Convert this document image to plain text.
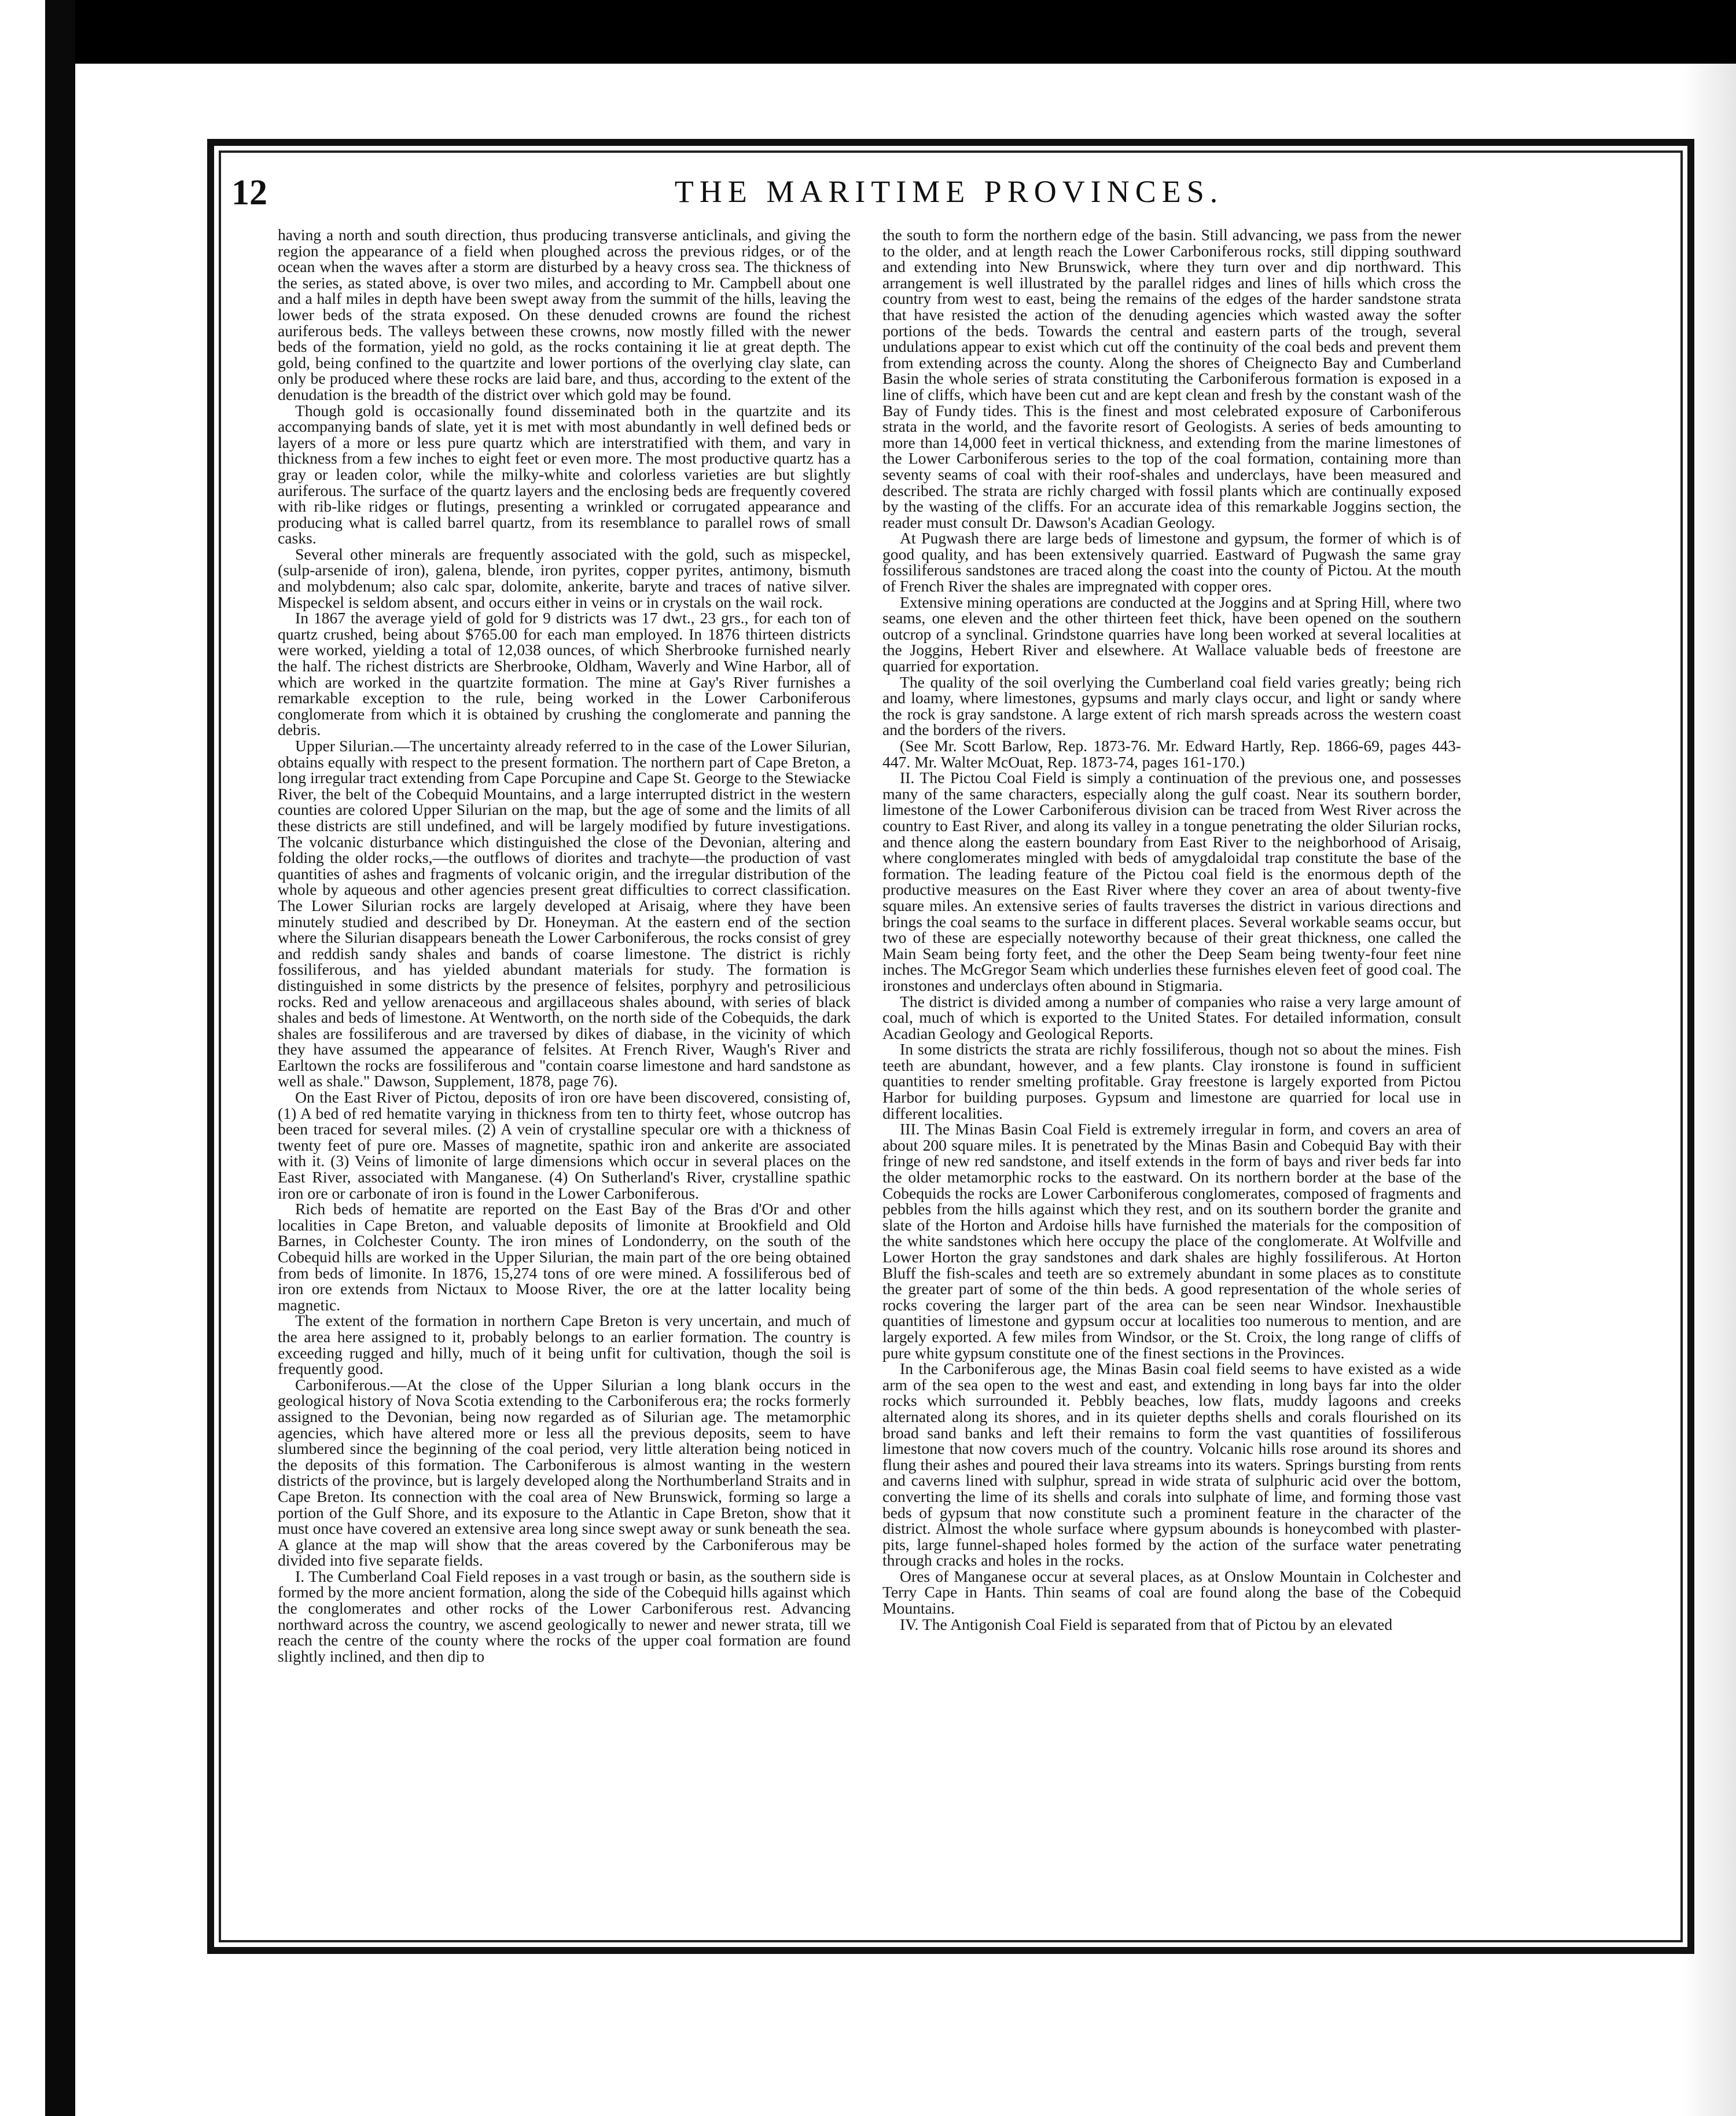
12	THE MARITIME PROVINCES.

having a north and south direction, thus producing transverse anticlinals, and giving the region the appearance of a field when ploughed across the previous ridges, or of the ocean when the waves after a storm are disturbed by a heavy cross sea. The thickness of the series, as stated above, is over two miles, and according to Mr. Campbell about one and a half miles in depth have been swept away from the summit of the hills, leaving the lower beds of the strata exposed. On these denuded crowns are found the richest auriferous beds. The valleys between these crowns, now mostly filled with the newer beds of the formation, yield no gold, as the rocks containing it lie at great depth. The gold, being confined to the quartzite and lower portions of the overlying clay slate, can only be produced where these rocks are laid bare, and thus, according to the extent of the denudation is the breadth of the district over which gold may be found.

Though gold is occasionally found disseminated both in the quartzite and its accompanying bands of slate, yet it is met with most abundantly in well defined beds or layers of a more or less pure quartz which are interstratified with them, and vary in thickness from a few inches to eight feet or even more. The most productive quartz has a gray or leaden color, while the milky-white and colorless varieties are but slightly auriferous. The surface of the quartz layers and the enclosing beds are frequently covered with rib-like ridges or flutings, presenting a wrinkled or corrugated appearance and producing what is called barrel quartz, from its resemblance to parallel rows of small casks.

Several other minerals are frequently associated with the gold, such as mispeckel, (sulp-arsenide of iron), galena, blende, iron pyrites, copper pyrites, antimony, bismuth and molybdenum; also calc spar, dolomite, ankerite, baryte and traces of native silver. Mispeckel is seldom absent, and occurs either in veins or in crystals on the wail rock.

In 1867 the average yield of gold for 9 districts was 17 dwt., 23 grs., for each ton of quartz crushed, being about $765.00 for each man employed. In 1876 thirteen districts were worked, yielding a total of 12,038 ounces, of which Sherbrooke furnished nearly the half. The richest districts are Sherbrooke, Oldham, Waverly and Wine Harbor, all of which are worked in the quartzite formation. The mine at Gay's River furnishes a remarkable exception to the rule, being worked in the Lower Carboniferous conglomerate from which it is obtained by crushing the conglomerate and panning the debris.

Upper Silurian.—The uncertainty already referred to in the case of the Lower Silurian, obtains equally with respect to the present formation. The northern part of Cape Breton, a long irregular tract extending from Cape Porcupine and Cape St. George to the Stewiacke River, the belt of the Cobequid Mountains, and a large interrupted district in the western counties are colored Upper Silurian on the map, but the age of some and the limits of all these districts are still undefined, and will be largely modified by future investigations. The volcanic disturbance which distinguished the close of the Devonian, altering and folding the older rocks,—the outflows of diorites and trachyte—the production of vast quantities of ashes and fragments of volcanic origin, and the irregular distribution of the whole by aqueous and other agencies present great difficulties to correct classification. The Lower Silurian rocks are largely developed at Arisaig, where they have been minutely studied and described by Dr. Honeyman. At the eastern end of the section where the Silurian disappears beneath the Lower Carboniferous, the rocks consist of grey and reddish sandy shales and bands of coarse limestone. The district is richly fossiliferous, and has yielded abundant materials for study. The formation is distinguished in some districts by the presence of felsites, porphyry and petrosilicious rocks. Red and yellow arenaceous and argillaceous shales abound, with series of black shales and beds of limestone. At Wentworth, on the north side of the Cobequids, the dark shales are fossiliferous and are traversed by dikes of diabase, in the vicinity of which they have assumed the appearance of felsites. At French River, Waugh's River and Earltown the rocks are fossiliferous and "contain coarse limestone and hard sandstone as well as shale." Dawson, Supplement, 1878, page 76).

On the East River of Pictou, deposits of iron ore have been discovered, consisting of, (1) A bed of red hematite varying in thickness from ten to thirty feet, whose outcrop has been traced for several miles. (2) A vein of crystalline specular ore with a thickness of twenty feet of pure ore. Masses of magnetite, spathic iron and ankerite are associated with it. (3) Veins of limonite of large dimensions which occur in several places on the East River, associated with Manganese. (4) On Sutherland's River, crystalline spathic iron ore or carbonate of iron is found in the Lower Carboniferous.

Rich beds of hematite are reported on the East Bay of the Bras d'Or and other localities in Cape Breton, and valuable deposits of limonite at Brookfield and Old Barnes, in Colchester County. The iron mines of Londonderry, on the south of the Cobequid hills are worked in the Upper Silurian, the main part of the ore being obtained from beds of limonite. In 1876, 15,274 tons of ore were mined. A fossiliferous bed of iron ore extends from Nictaux to Moose River, the ore at the latter locality being magnetic.

The extent of the formation in northern Cape Breton is very uncertain, and much of the area here assigned to it, probably belongs to an earlier formation. The country is exceeding rugged and hilly, much of it being unfit for cultivation, though the soil is frequently good.

Carboniferous.—At the close of the Upper Silurian a long blank occurs in the geological history of Nova Scotia extending to the Carboniferous era; the rocks formerly assigned to the Devonian, being now regarded as of Silurian age. The metamorphic agencies, which have altered more or less all the previous deposits, seem to have slumbered since the beginning of the coal period, very little alteration being noticed in the deposits of this formation. The Carboniferous is almost wanting in the western districts of the province, but is largely developed along the Northumberland Straits and in Cape Breton. Its connection with the coal area of New Brunswick, forming so large a portion of the Gulf Shore, and its exposure to the Atlantic in Cape Breton, show that it must once have covered an extensive area long since swept away or sunk beneath the sea. A glance at the map will show that the areas covered by the Carboniferous may be divided into five separate fields.

I. The Cumberland Coal Field reposes in a vast trough or basin, as the southern side is formed by the more ancient formation, along the side of the Cobequid hills against which the conglomerates and other rocks of the Lower Carboniferous rest. Advancing northward across the country, we ascend geologically to newer and newer strata, till we reach the centre of the county where the rocks of the upper coal formation are found slightly inclined, and then dip to

the south to form the northern edge of the basin. Still advancing, we pass from the newer to the older, and at length reach the Lower Carboniferous rocks, still dipping southward and extending into New Brunswick, where they turn over and dip northward. This arrangement is well illustrated by the parallel ridges and lines of hills which cross the country from west to east, being the remains of the edges of the harder sandstone strata that have resisted the action of the denuding agencies which wasted away the softer portions of the beds. Towards the central and eastern parts of the trough, several undulations appear to exist which cut off the continuity of the coal beds and prevent them from extending across the county. Along the shores of Cheignecto Bay and Cumberland Basin the whole series of strata constituting the Carboniferous formation is exposed in a line of cliffs, which have been cut and are kept clean and fresh by the constant wash of the Bay of Fundy tides. This is the finest and most celebrated exposure of Carboniferous strata in the world, and the favorite resort of Geologists. A series of beds amounting to more than 14,000 feet in vertical thickness, and extending from the marine limestones of the Lower Carboniferous series to the top of the coal formation, containing more than seventy seams of coal with their roof-shales and underclays, have been measured and described. The strata are richly charged with fossil plants which are continually exposed by the wasting of the cliffs. For an accurate idea of this remarkable Joggins section, the reader must consult Dr. Dawson's Acadian Geology.

At Pugwash there are large beds of limestone and gypsum, the former of which is of good quality, and has been extensively quarried. Eastward of Pugwash the same gray fossiliferous sandstones are traced along the coast into the county of Pictou. At the mouth of French River the shales are impregnated with copper ores.

Extensive mining operations are conducted at the Joggins and at Spring Hill, where two seams, one eleven and the other thirteen feet thick, have been opened on the southern outcrop of a synclinal. Grindstone quarries have long been worked at several localities at the Joggins, Hebert River and elsewhere. At Wallace valuable beds of freestone are quarried for exportation.

The quality of the soil overlying the Cumberland coal field varies greatly; being rich and loamy, where limestones, gypsums and marly clays occur, and light or sandy where the rock is gray sandstone. A large extent of rich marsh spreads across the western coast and the borders of the rivers.

(See Mr. Scott Barlow, Rep. 1873-76. Mr. Edward Hartly, Rep. 1866-69, pages 443-447. Mr. Walter McOuat, Rep. 1873-74, pages 161-170.)

II. The Pictou Coal Field is simply a continuation of the previous one, and possesses many of the same characters, especially along the gulf coast. Near its southern border, limestone of the Lower Carboniferous division can be traced from West River across the country to East River, and along its valley in a tongue penetrating the older Silurian rocks, and thence along the eastern boundary from East River to the neighborhood of Arisaig, where conglomerates mingled with beds of amygdaloidal trap constitute the base of the formation. The leading feature of the Pictou coal field is the enormous depth of the productive measures on the East River where they cover an area of about twenty-five square miles. An extensive series of faults traverses the district in various directions and brings the coal seams to the surface in different places. Several workable seams occur, but two of these are especially noteworthy because of their great thickness, one called the Main Seam being forty feet, and the other the Deep Seam being twenty-four feet nine inches. The McGregor Seam which underlies these furnishes eleven feet of good coal. The ironstones and underclays often abound in Stigmaria.

The district is divided among a number of companies who raise a very large amount of coal, much of which is exported to the United States. For detailed information, consult Acadian Geology and Geological Reports.

In some districts the strata are richly fossiliferous, though not so about the mines. Fish teeth are abundant, however, and a few plants. Clay ironstone is found in sufficient quantities to render smelting profitable. Gray freestone is largely exported from Pictou Harbor for building purposes. Gypsum and limestone are quarried for local use in different localities.

III. The Minas Basin Coal Field is extremely irregular in form, and covers an area of about 200 square miles. It is penetrated by the Minas Basin and Cobequid Bay with their fringe of new red sandstone, and itself extends in the form of bays and river beds far into the older metamorphic rocks to the eastward. On its northern border at the base of the Cobequids the rocks are Lower Carboniferous conglomerates, composed of fragments and pebbles from the hills against which they rest, and on its southern border the granite and slate of the Horton and Ardoise hills have furnished the materials for the composition of the white sandstones which here occupy the place of the conglomerate. At Wolfville and Lower Horton the gray sandstones and dark shales are highly fossiliferous. At Horton Bluff the fish-scales and teeth are so extremely abundant in some places as to constitute the greater part of some of the thin beds. A good representation of the whole series of rocks covering the larger part of the area can be seen near Windsor. Inexhaustible quantities of limestone and gypsum occur at localities too numerous to mention, and are largely exported. A few miles from Windsor, or the St. Croix, the long range of cliffs of pure white gypsum constitute one of the finest sections in the Provinces.

In the Carboniferous age, the Minas Basin coal field seems to have existed as a wide arm of the sea open to the west and east, and extending in long bays far into the older rocks which surrounded it. Pebbly beaches, low flats, muddy lagoons and creeks alternated along its shores, and in its quieter depths shells and corals flourished on its broad sand banks and left their remains to form the vast quantities of fossiliferous limestone that now covers much of the country. Volcanic hills rose around its shores and flung their ashes and poured their lava streams into its waters. Springs bursting from rents and caverns lined with sulphur, spread in wide strata of sulphuric acid over the bottom, converting the lime of its shells and corals into sulphate of lime, and forming those vast beds of gypsum that now constitute such a prominent feature in the character of the district. Almost the whole surface where gypsum abounds is honeycombed with plaster-pits, large funnel-shaped holes formed by the action of the surface water penetrating through cracks and holes in the rocks.

Ores of Manganese occur at several places, as at Onslow Mountain in Colchester and Terry Cape in Hants. Thin seams of coal are found along the base of the Cobequid Mountains.

IV. The Antigonish Coal Field is separated from that of Pictou by an elevated
